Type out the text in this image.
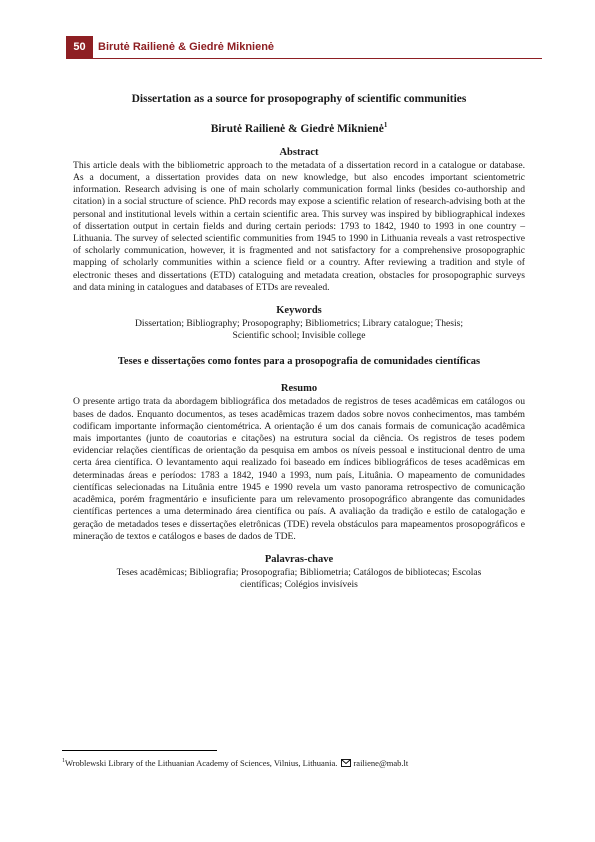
50	Birutė Railienė & Giedrė Miknienė

Dissertation as a source for prosopography of scientific communities

Birutė Railienė & Giedrė Miknienė$^1$

Abstract

This article deals with the bibliometric approach to the metadata of a dissertation record in a catalogue or database. As a document, a dissertation provides data on new knowledge, but also encodes important scientometric information. Research advising is one of main scholarly communication formal links (besides co-authorship and citation) in a social structure of science. PhD records may expose a scientific relation of research-advising both at the personal and institutional levels within a certain scientific area. This survey was inspired by bibliographical indexes of dissertation output in certain fields and during certain periods: 1793 to 1842, 1940 to 1993 in one country – Lithuania. The survey of selected scientific communities from 1945 to 1990 in Lithuania reveals a vast retrospective of scholarly communication, however, it is fragmented and not satisfactory for a comprehensive prosopographic mapping of scholarly communities within a science field or a country. After reviewing a tradition and style of electronic theses and dissertations (ETD) cataloguing and metadata creation, obstacles for prosopographic surveys and data mining in catalogues and databases of ETDs are revealed.

Keywords

Dissertation; Bibliography; Prosopography; Bibliometrics; Library catalogue; Thesis;

Scientific school; Invisible college

Teses e dissertações como fontes para a prosopografia de comunidades científicas

Resumo

O presente artigo trata da abordagem bibliográfica dos metadados de registros de teses acadêmicas em catálogos ou bases de dados. Enquanto documentos, as teses acadêmicas trazem dados sobre novos conhecimentos, mas também codificam importante informação cientométrica. A orientação é um dos canais formais de comunicação acadêmica mais importantes (junto de coautorias e citações) na estrutura social da ciência. Os registros de teses podem evidenciar relações científicas de orientação da pesquisa em ambos os níveis pessoal e institucional dentro de uma certa área científica. O levantamento aqui realizado foi baseado em índices bibliográficos de teses acadêmicas em determinadas áreas e períodos: 1783 a 1842, 1940 a 1993, num país, Lituânia. O mapeamento de comunidades científicas selecionadas na Lituânia entre 1945 e 1990 revela um vasto panorama retrospectivo de comunicação acadêmica, porém fragmentário e insuficiente para um relevamento prosopográfico abrangente das comunidades científicas pertences a uma determinado área científica ou país. A avaliação da tradição e estilo de catalogação e geração de metadados teses e dissertações eletrônicas (TDE) revela obstáculos para mapeamentos prosopográficos e mineração de textos e catálogos e bases de dados de TDE.

Palavras-chave

Teses acadêmicas; Bibliografia; Prosopografia; Bibliometria; Catálogos de bibliotecas; Escolas

científicas; Colégios invisíveis

$^1$Wroblewski Library of the Lithuanian Academy of Sciences, Vilnius, Lithuania. railiene@mab.lt
